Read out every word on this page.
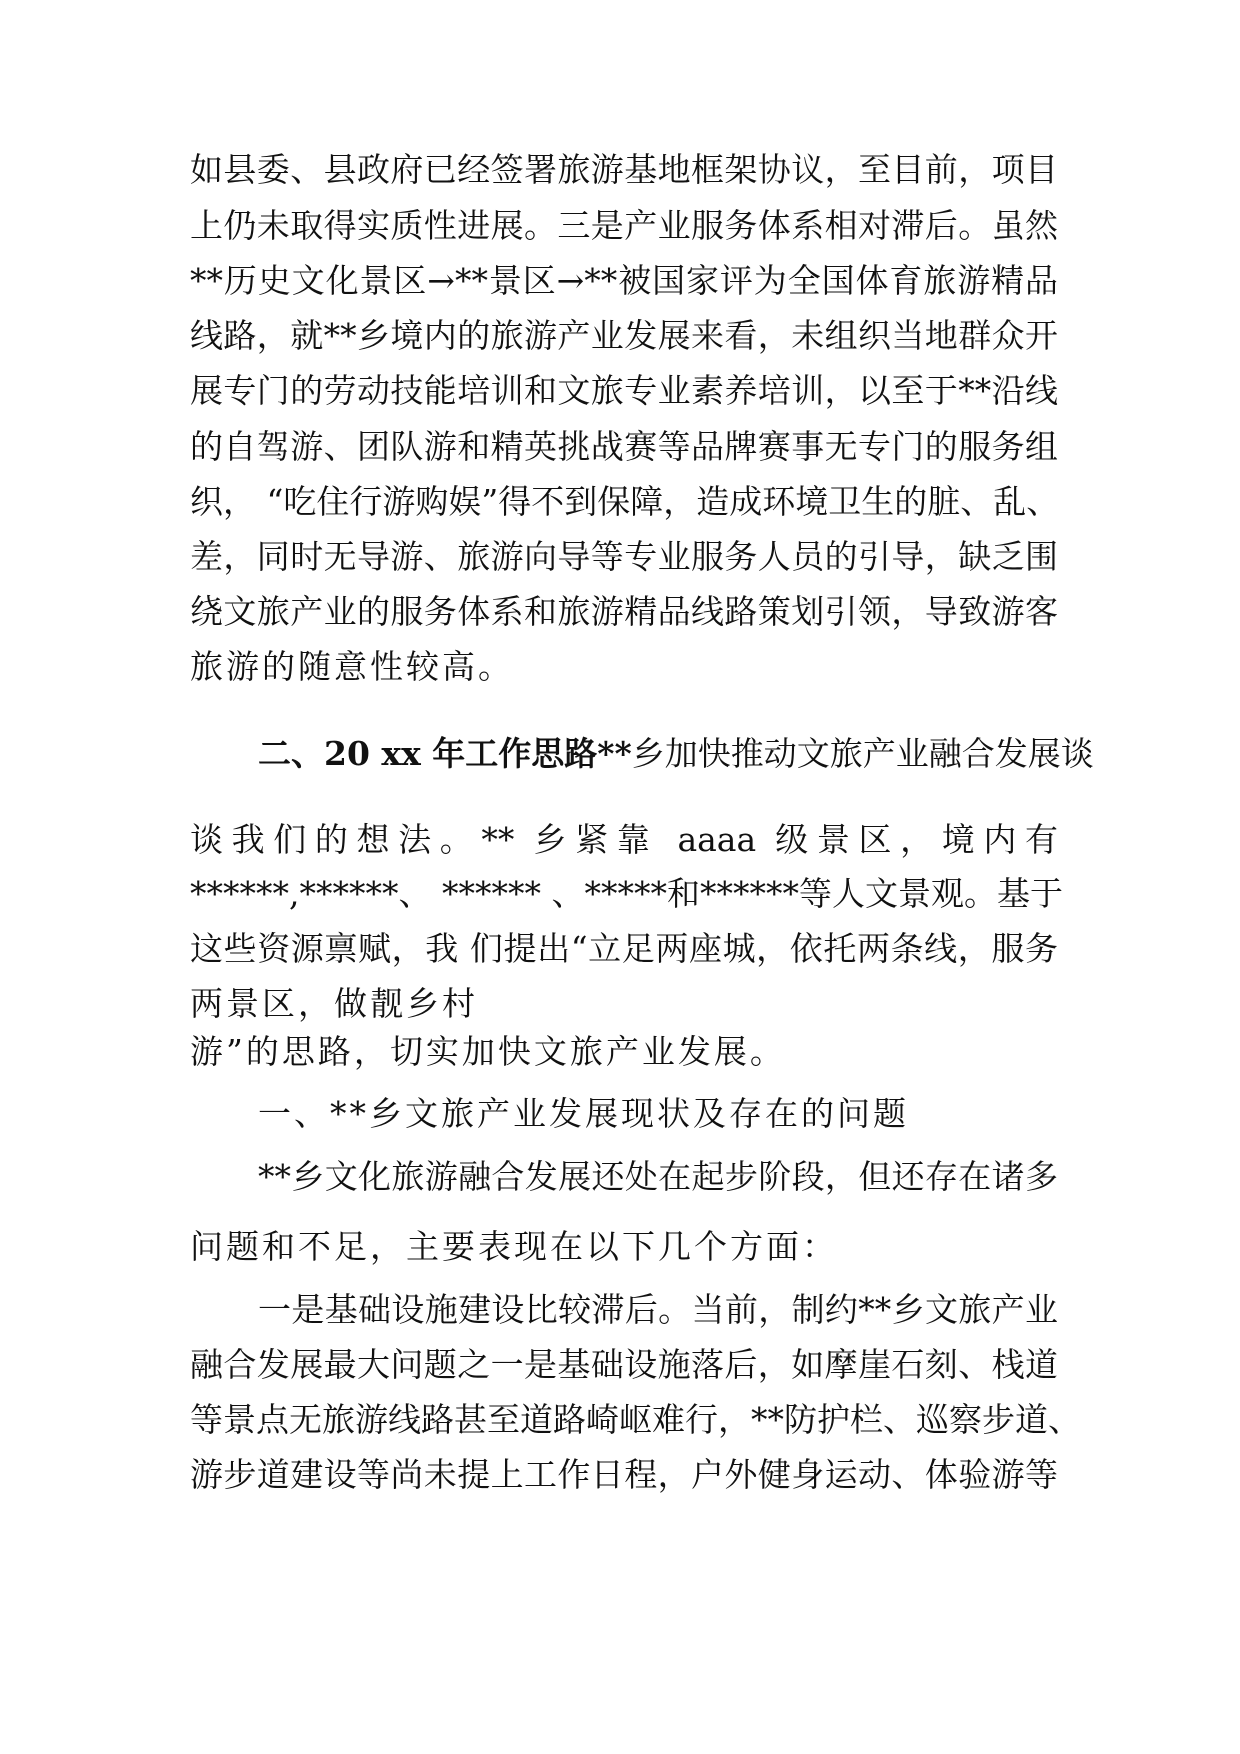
如县委、县政府已经签署旅游基地框架协议，至目前，项目
上仍未取得实质性进展。三是产业服务体系相对滞后。虽然
**历史文化景区→**景区→**被国家评为全国体育旅游精品
线路，就**乡境内的旅游产业发展来看，未组织当地群众开
展专门的劳动技能培训和文旅专业素养培训，以至于**沿线
的自驾游、团队游和精英挑战赛等品牌赛事无专门的服务组
织， “吃住行游购娱”得不到保障，造成环境卫生的脏、乱、
差，同时无导游、旅游向导等专业服务人员的引导，缺乏围
绕文旅产业的服务体系和旅游精品线路策划引领，导致游客
旅游的随意性较高。
二、20 xx 年工作思路**乡加快推动文旅产业融合发展谈
谈我们的想法。** 乡紧靠 aaaa 级景区，境内有
******,******、 ****** 、*****和******等人文景观。基于
这些资源禀赋，我 们提出“立足两座城，依托两条线，服务
两景区，做靓乡村
游”的思路，切实加快文旅产业发展。
一、**乡文旅产业发展现状及存在的问题
**乡文化旅游融合发展还处在起步阶段，但还存在诸多
问题和不足，主要表现在以下几个方面：
一是基础设施建设比较滞后。当前，制约**乡文旅产业
融合发展最大问题之一是基础设施落后，如摩崖石刻、栈道
等景点无旅游线路甚至道路崎岖难行，**防护栏、巡察步道、
游步道建设等尚未提上工作日程，户外健身运动、体验游等
